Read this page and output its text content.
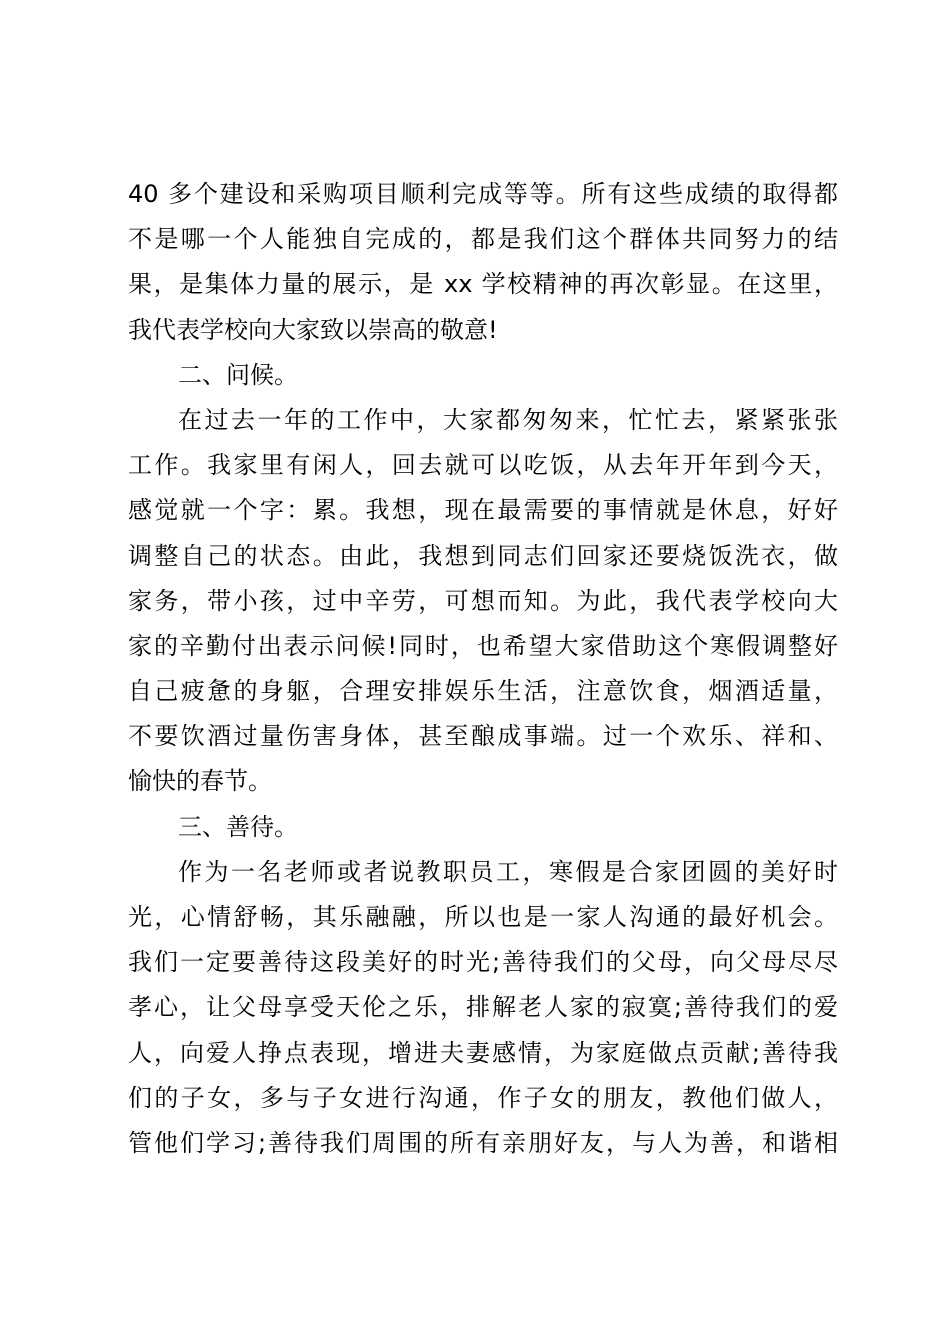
40 多个建设和采购项目顺利完成等等。所有这些成绩的取得都
不是哪一个人能独自完成的，都是我们这个群体共同努力的结
果，是集体力量的展示，是 xx 学校精神的再次彰显。在这里，
我代表学校向大家致以崇高的敬意!
二、问候。
在过去一年的工作中，大家都匆匆来，忙忙去，紧紧张张
工作。我家里有闲人，回去就可以吃饭，从去年开年到今天，
感觉就一个字：累。我想，现在最需要的事情就是休息，好好
调整自己的状态。由此，我想到同志们回家还要烧饭洗衣，做
家务，带小孩，过中辛劳，可想而知。为此，我代表学校向大
家的辛勤付出表示问候!同时，也希望大家借助这个寒假调整好
自己疲惫的身躯，合理安排娱乐生活，注意饮食，烟酒适量，
不要饮酒过量伤害身体，甚至酿成事端。过一个欢乐、祥和、
愉快的春节。
三、善待。
作为一名老师或者说教职员工，寒假是合家团圆的美好时
光，心情舒畅，其乐融融，所以也是一家人沟通的最好机会。
我们一定要善待这段美好的时光;善待我们的父母，向父母尽尽
孝心，让父母享受天伦之乐，排解老人家的寂寞;善待我们的爱
人，向爱人挣点表现，增进夫妻感情，为家庭做点贡献;善待我
们的子女，多与子女进行沟通，作子女的朋友，教他们做人，
管他们学习;善待我们周围的所有亲朋好友，与人为善，和谐相
